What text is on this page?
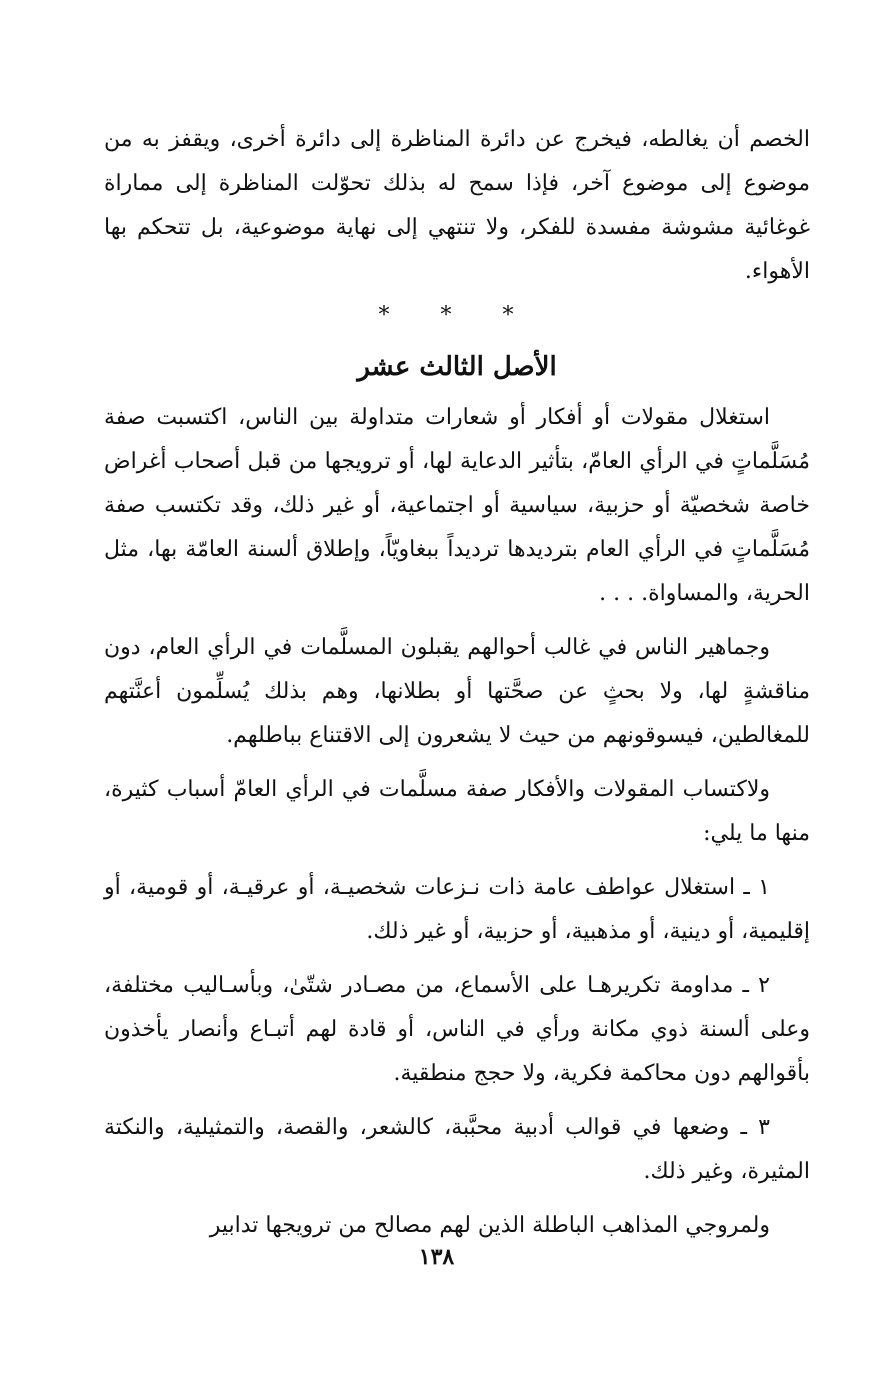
الخصم أن يغالطه، فيخرج عن دائرة المناظرة إلى دائرة أخرى، ويقفز به من موضوع إلى موضوع آخر، فإذا سمح له بذلك تحوّلت المناظرة إلى مماراة غوغائية مشوشة مفسدة للفكر، ولا تنتهي إلى نهاية موضوعية، بل تتحكم بها الأهواء.

* * *
الأصل الثالث عشر

استغلال مقولات أو أفكار أو شعارات متداولة بين الناس، اكتسبت صفة مُسَلَّماتٍ في الرأي العامّ، بتأثير الدعاية لها، أو ترويجها من قبل أصحاب أغراض خاصة شخصيّة أو حزبية، سياسية أو اجتماعية، أو غير ذلك، وقد تكتسب صفة مُسَلَّماتٍ في الرأي العام بترديدها ترديداً ببغاويّاً، وإطلاق ألسنة العامّة بها، مثل الحرية، والمساواة. . . .

وجماهير الناس في غالب أحوالهم يقبلون المسلَّمات في الرأي العام، دون مناقشةٍ لها، ولا بحثٍ عن صحَّتها أو بطلانها، وهم بذلك يُسلِّمون أعنَّتهم للمغالطين، فيسوقونهم من حيث لا يشعرون إلى الاقتناع بباطلهم.

ولاكتساب المقولات والأفكار صفة مسلَّمات في الرأي العامّ أسباب كثيرة، منها ما يلي:

١ ـ استغلال عواطف عامة ذات نـزعات شخصيـة، أو عرقيـة، أو قومية، أو إقليمية، أو دينية، أو مذهبية، أو حزبية، أو غير ذلك.

٢ ـ مداومة تكريرهـا على الأسماع، من مصـادر شتّىٰ، وبأسـاليب مختلفة، وعلى ألسنة ذوي مكانة ورأي في الناس، أو قادة لهم أتبـاع وأنصار يأخذون بأقوالهم دون محاكمة فكرية، ولا حجج منطقية.

٣ ـ وضعها في قوالب أدبية محبَّبة، كالشعر، والقصة، والتمثيلية، والنكتة المثيرة، وغير ذلك.

ولمروجي المذاهب الباطلة الذين لهم مصالح من ترويجها تدابير

١٣٨
